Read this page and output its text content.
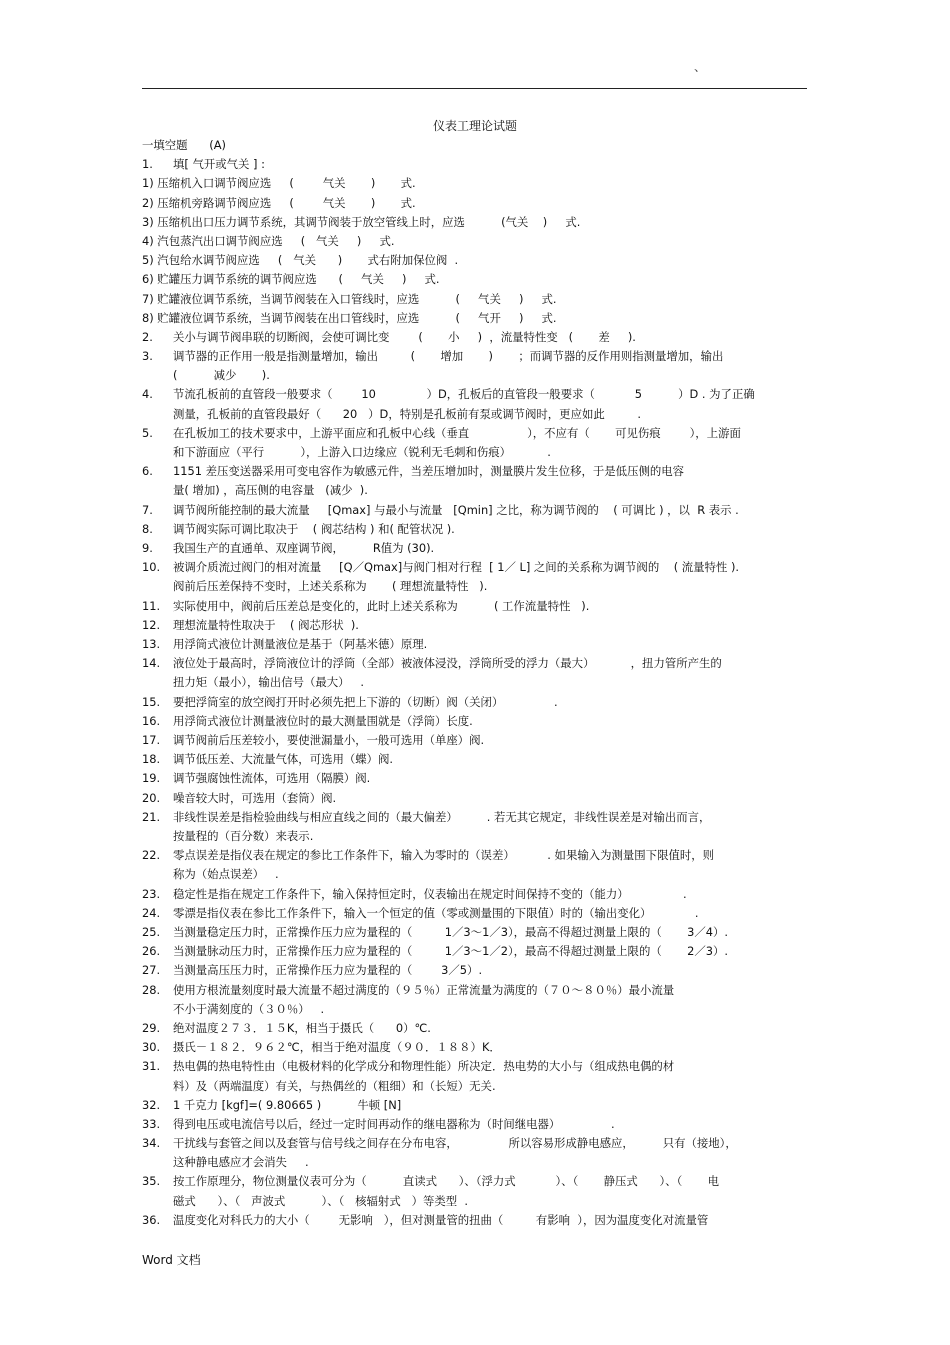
、
仪表工理论试题
一填空题      (A)
1.	填[ 气开或气关 ] :
1) 压缩机入口调节阀应选     (        气关       )       式.
2) 压缩机旁路调节阀应选     (        气关       )       式.
3) 压缩机出口压力调节系统，其调节阀装于放空管线上时，应选          (气关    )     式.
4) 汽包蒸汽出口调节阀应选     (   气关     )     式.
5) 汽包给水调节阀应选     (   气关      )       式右附加保位阀  .
6) 贮罐压力调节系统的调节阀应选      (     气关     )     式.
7) 贮罐液位调节系统，当调节阀装在入口管线时，应选          (     气关     )     式.
8) 贮罐液位调节系统，当调节阀装在出口管线时，应选          (     气开     )     式.
2.	关小与调节阀串联的切断阀，会使可调比变        (       小     )  ，流量特性变   (       差     ).
3.	调节器的正作用一般是指测量增加，输出         (       增加       )       ；而调节器的反作用则指测量增加，输出
(          减少       ).
4.	节流孔板前的直管段一般要求（        10              ）D，孔板后的直管段一般要求（           5          ）D . 为了正确
测量，孔板前的直管段最好（      20   ）D，特别是孔板前有泵或调节阀时，更应如此         .
5.	在孔板加工的技术要求中，上游平面应和孔板中心线（垂直                ），不应有（       可见伤痕        ），上游面
和下游面应（平行          ），上游入口边缘应（锐利无毛刺和伤痕）          .
6.	1151 差压变送器采用可变电容作为敏感元件，当差压增加时，测量膜片发生位移，于是低压侧的电容
量( 增加) ，高压侧的电容量   (减少  ).
7.	调节阀所能控制的最大流量     [Qmax] 与最小与流量   [Qmin] 之比，称为调节阀的    ( 可调比 ) ，以  R 表示 .
8.	调节阀实际可调比取决于    ( 阀芯结构 ) 和( 配管状况 ).
9.	我国生产的直通单、双座调节阀，        R值为 (30).
10.	被调介质流过阀门的相对流量     [Q／Qmax]与阀门相对行程  [ 1／ L] 之间的关系称为调节阀的    ( 流量特性 ).
阀前后压差保持不变时，上述关系称为       ( 理想流量特性   ).
11.	实际使用中，阀前后压差总是变化的，此时上述关系称为          ( 工作流量特性   ).
12.	理想流量特性取决于    ( 阀芯形状  ).
13.	用浮筒式液位计测量液位是基于（阿基米德）原理.
14.	液位处于最高时，浮筒液位计的浮筒（全部）被液体浸没，浮筒所受的浮力（最大）          ，扭力管所产生的
扭力矩（最小），输出信号（最大）   .
15.	要把浮筒室的放空阀打开时必须先把上下游的（切断）阀（关闭）              .
16.	用浮筒式液位计测量液位时的最大测量围就是（浮筒）长度.
17.	调节阀前后压差较小，要使泄漏量小，一般可选用（单座）阀.
18.	调节低压差、大流量气体，可选用（蝶）阀.
19.	调节强腐蚀性流体，可选用（隔膜）阀.
20.	噪音较大时，可选用（套筒）阀.
21.	非线性误差是指检验曲线与相应直线之间的（最大偏差）        . 若无其它规定，非线性误差是对输出而言，
按量程的（百分数）来表示.
22.	零点误差是指仪表在规定的参比工作条件下，输入为零时的（误差）         . 如果输入为测量围下限值时，则
称为（始点误差）   .
23.	稳定性是指在规定工作条件下，输入保持恒定时，仪表输出在规定时间保持不变的（能力）               .
24.	零漂是指仪表在参比工作条件下，输入一个恒定的值（零或测量围的下限值）时的（输出变化）            .
25.	当测量稳定压力时，正常操作压力应为量程的（         1／3～1／3），最高不得超过测量上限的（       3／4）.
26.	当测量脉动压力时，正常操作压力应为量程的（         1／3～1／2），最高不得超过测量上限的（       2／3）.
27.	当测量高压压力时，正常操作压力应为量程的（        3／5）.
28.	使用方根流量刻度时最大流量不超过满度的（９５％）正常流量为满度的（７０～８０％）最小流量
不小于满刻度的（３０％）   .
29.	绝对温度２７３．１５K，相当于摄氏（      0）℃.
30.	摄氏－１８２．９６２℃，相当于绝对温度（９０．１８８）K．
31.	热电偶的热电特性由（电极材料的化学成分和物理性能）所决定．热电势的大小与（组成热电偶的材
料）及（两端温度）有关，与热偶丝的（粗细）和（长短）无关.
32.	1 千克力 [kgf]=( 9.80665 )          牛顿 [N]
33.	得到电压或电流信号以后，经过一定时间再动作的继电器称为（时间继电器）              .
34.	干扰线与套管之间以及套管与信号线之间存在分布电容，              所以容易形成静电感应，        只有（接地），
这种静电感应才会消失     .
35.	按工作原理分，物位测量仪表可分为（          直读式      ）、（浮力式           ）、（       静压式      ）、（       电
磁式      ）、（   声波式          ）、（   核辐射式   ）等类型  .
36.	温度变化对科氏力的大小（        无影响   ），但对测量管的扭曲（         有影响  ），因为温度变化对流量管
Word 文档
